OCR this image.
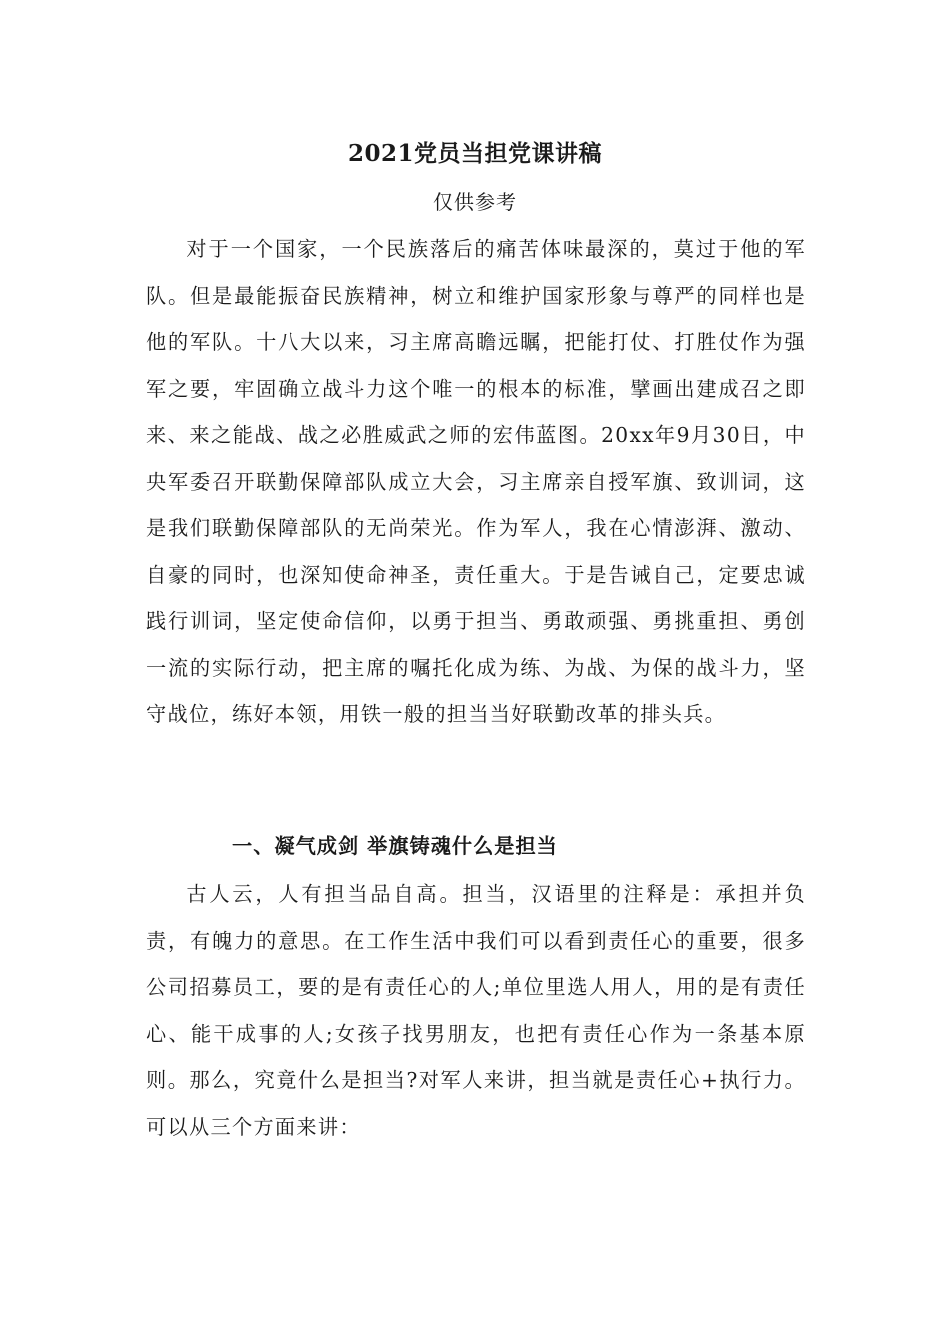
2021党员当担党课讲稿
仅供参考

对于一个国家，一个民族落后的痛苦体味最深的，莫过于他的军队。但是最能振奋民族精神，树立和维护国家形象与尊严的同样也是他的军队。十八大以来，习主席高瞻远瞩，把能打仗、打胜仗作为强军之要，牢固确立战斗力这个唯一的根本的标准，擘画出建成召之即来、来之能战、战之必胜威武之师的宏伟蓝图。20xx年9月30日，中央军委召开联勤保障部队成立大会，习主席亲自授军旗、致训词，这是我们联勤保障部队的无尚荣光。作为军人，我在心情澎湃、激动、自豪的同时，也深知使命神圣，责任重大。于是告诫自己，定要忠诚践行训词，坚定使命信仰，以勇于担当、勇敢顽强、勇挑重担、勇创一流的实际行动，把主席的嘱托化成为练、为战、为保的战斗力，坚守战位，练好本领，用铁一般的担当当好联勤改革的排头兵。

一、凝气成剑 举旗铸魂什么是担当

古人云，人有担当品自高。担当，汉语里的注释是：承担并负责，有魄力的意思。在工作生活中我们可以看到责任心的重要，很多公司招募员工，要的是有责任心的人;单位里选人用人，用的是有责任心、能干成事的人;女孩子找男朋友，也把有责任心作为一条基本原则。那么，究竟什么是担当?对军人来讲，担当就是责任心+执行力。可以从三个方面来讲：
